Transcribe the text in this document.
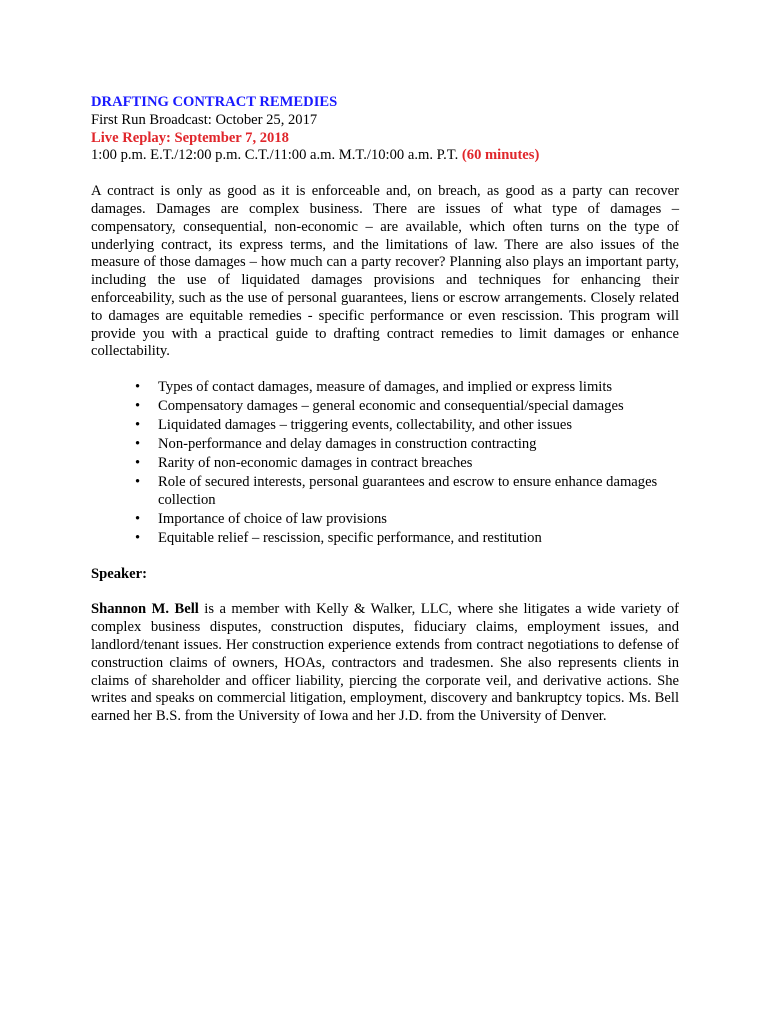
DRAFTING CONTRACT REMEDIES

First Run Broadcast: October 25, 2017

Live Replay: September 7, 2018

1:00 p.m. E.T./12:00 p.m. C.T./11:00 a.m. M.T./10:00 a.m. P.T. (60 minutes)

A contract is only as good as it is enforceable and, on breach, as good as a party can recover damages. Damages are complex business. There are issues of what type of damages – compensatory, consequential, non-economic – are available, which often turns on the type of underlying contract, its express terms, and the limitations of law. There are also issues of the measure of those damages – how much can a party recover? Planning also plays an important party, including the use of liquidated damages provisions and techniques for enhancing their enforceability, such as the use of personal guarantees, liens or escrow arrangements. Closely related to damages are equitable remedies - specific performance or even rescission. This program will provide you with a practical guide to drafting contract remedies to limit damages or enhance collectability.

• Types of contact damages, measure of damages, and implied or express limits
• Compensatory damages – general economic and consequential/special damages
• Liquidated damages – triggering events, collectability, and other issues
• Non-performance and delay damages in construction contracting
• Rarity of non-economic damages in contract breaches
• Role of secured interests, personal guarantees and escrow to ensure enhance damages collection
• Importance of choice of law provisions
• Equitable relief – rescission, specific performance, and restitution

Speaker:

Shannon M. Bell is a member with Kelly & Walker, LLC, where she litigates a wide variety of complex business disputes, construction disputes, fiduciary claims, employment issues, and landlord/tenant issues. Her construction experience extends from contract negotiations to defense of construction claims of owners, HOAs, contractors and tradesmen. She also represents clients in claims of shareholder and officer liability, piercing the corporate veil, and derivative actions. She writes and speaks on commercial litigation, employment, discovery and bankruptcy topics. Ms. Bell earned her B.S. from the University of Iowa and her J.D. from the University of Denver.
